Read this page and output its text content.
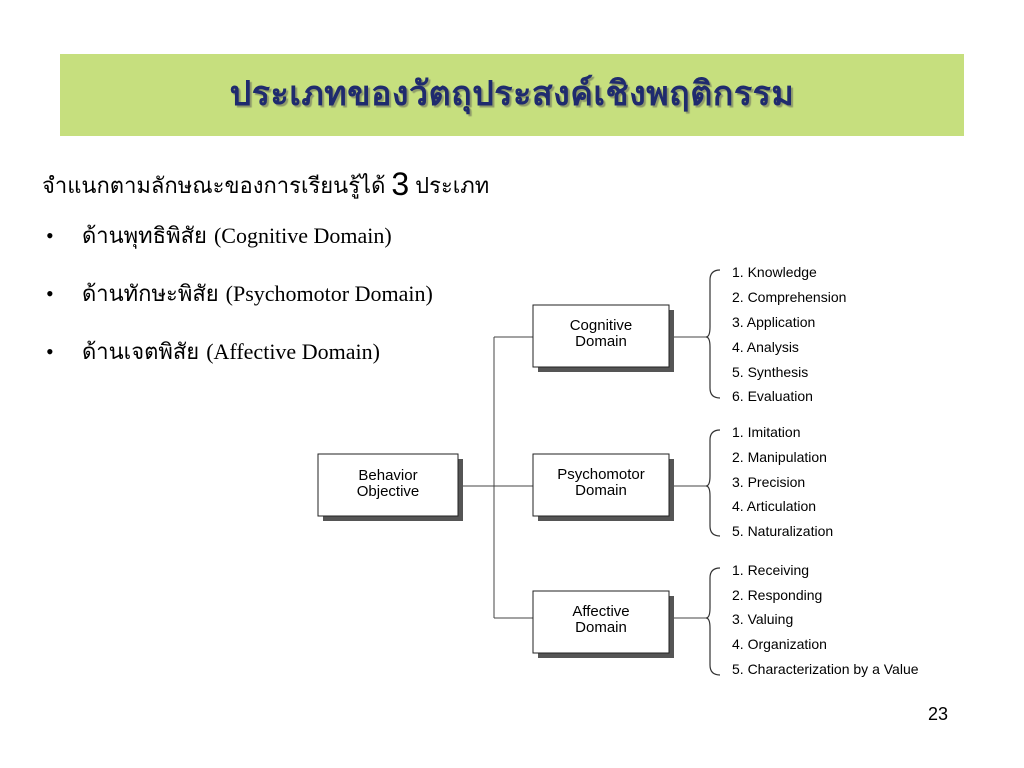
ประเภทของวัตถุประสงค์เชิงพฤติกรรม
จำแนกตามลักษณะของการเรียนรู้ได้ 3 ประเภท
• ด้านพุทธิพิสัย (Cognitive Domain)
• ด้านทักษะพิสัย (Psychomotor Domain)
• ด้านเจตพิสัย (Affective Domain)
Behavior
Objective
Cognitive
Domain
Psychomotor
Domain
Affective
Domain
1. Knowledge
2. Comprehension
3. Application
4. Analysis
5. Synthesis
6. Evaluation
1. Imitation
2. Manipulation
3. Precision
4. Articulation
5. Naturalization
1. Receiving
2. Responding
3. Valuing
4. Organization
5. Characterization by a Value
23
